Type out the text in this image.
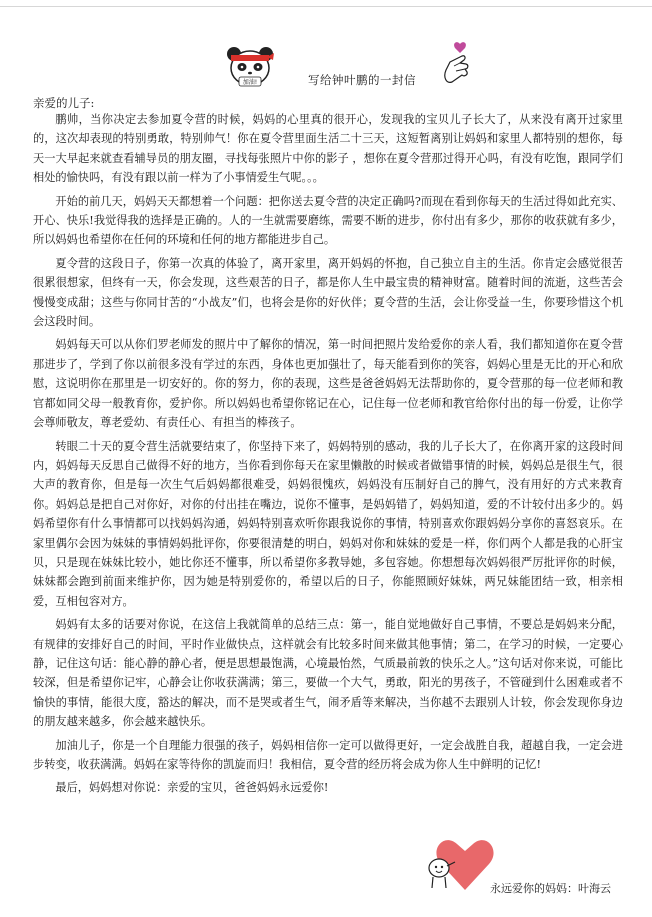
加油!	写给钟叶鹏的一封信
亲爱的儿子:

鹏帅，当你决定去参加夏令营的时候，妈妈的心里真的很开心，发现我的宝贝儿子长大了，从来没有离开过家里的，这次却表现的特别勇敢，特别帅气！你在夏令营里面生活二十三天，这短暂离别让妈妈和家里人都特别的想你，每天一大早起来就查看辅导员的朋友圈，寻找每张照片中你的影子 ，想你在夏令营那过得开心吗，有没有吃饱，跟同学们相处的愉快吗，有没有跟以前一样为了小事情爱生气呢。。。

开始的前几天，妈妈天天都想着一个问题：把你送去夏令营的决定正确吗?而现在看到你每天的生活过得如此充实、开心、快乐!我觉得我的选择是正确的。人的一生就需要磨练，需要不断的进步，你付出有多少，那你的收获就有多少，所以妈妈也希望你在任何的环境和任何的地方都能进步自己。

夏令营的这段日子，你第一次真的体验了，离开家里，离开妈妈的怀抱，自己独立自主的生活。你肯定会感觉很苦很累很想家，但终有一天，你会发现，这些艰苦的日子，都是你人生中最宝贵的精神财富。随着时间的流逝，这些苦会慢慢变成甜；这些与你同甘苦的“小战友”们，也将会是你的好伙伴；夏令营的生活，会让你受益一生，你要珍惜这个机会这段时间。

妈妈每天可以从你们罗老师发的照片中了解你的情况，第一时间把照片发给爱你的亲人看，我们都知道你在夏令营那进步了，学到了你以前很多没有学过的东西，身体也更加强壮了，每天能看到你的笑容，妈妈心里是无比的开心和欣慰，这说明你在那里是一切安好的。你的努力，你的表现，这些是爸爸妈妈无法帮助你的，夏令营那的每一位老师和教官都如同父母一般教育你，爱护你。所以妈妈也希望你铭记在心，记住每一位老师和教官给你付出的每一份爱，让你学会尊师敬友，尊老爱幼、有责任心、有担当的棒孩子。

转眼二十天的夏令营生活就要结束了，你坚持下来了，妈妈特别的感动，我的儿子长大了，在你离开家的这段时间内，妈妈每天反思自己做得不好的地方，当你看到你每天在家里懒散的时候或者做错事情的时候，妈妈总是很生气，很大声的教育你，但是每一次生气后妈妈都很难受，妈妈很愧疚，妈妈没有压制好自己的脾气，没有用好的方式来教育你。妈妈总是把自己对你好，对你的付出挂在嘴边，说你不懂事，是妈妈错了，妈妈知道，爱的不计较付出多少的。妈妈希望你有什么事情都可以找妈妈沟通，妈妈特别喜欢听你跟我说你的事情，特别喜欢你跟妈妈分享你的喜怒哀乐。在家里偶尔会因为妹妹的事情妈妈批评你，你要很清楚的明白，妈妈对你和妹妹的爱是一样，你们两个人都是我的心肝宝贝，只是现在妹妹比较小，她比你还不懂事，所以希望你多教导她，多包容她。你想想每次妈妈很严厉批评你的时候，妹妹都会跑到前面来维护你，因为她是特别爱你的，希望以后的日子，你能照顾好妹妹，两兄妹能团结一致，相亲相爱，互相包容对方。

妈妈有太多的话要对你说，在这信上我就简单的总结三点：第一，能自觉地做好自己事情，不要总是妈妈来分配，有规律的安排好自己的时间，平时作业做快点，这样就会有比较多时间来做其他事情；第二，在学习的时候，一定要心静，记住这句话：能心静的静心者，便是思想最饱满，心境最怡然，气质最前敦的快乐之人。”这句话对你来说，可能比较深，但是希望你记牢，心静会让你收获满满；第三，要做一个大气，勇敢，阳光的男孩子，不管碰到什么困难或者不愉快的事情，能很大度，豁达的解决，而不是哭或者生气，闹矛盾等来解决，当你越不去跟别人计较，你会发现你身边的朋友越来越多，你会越来越快乐。

加油儿子，你是一个自理能力很强的孩子，妈妈相信你一定可以做得更好，一定会战胜自我，超越自我，一定会进步转变，收获满满。妈妈在家等待你的凯旋而归！我相信，夏令营的经历将会成为你人生中鲜明的记忆!

最后，妈妈想对你说：亲爱的宝贝，爸爸妈妈永远爱你!

永远爱你的妈妈：叶海云
